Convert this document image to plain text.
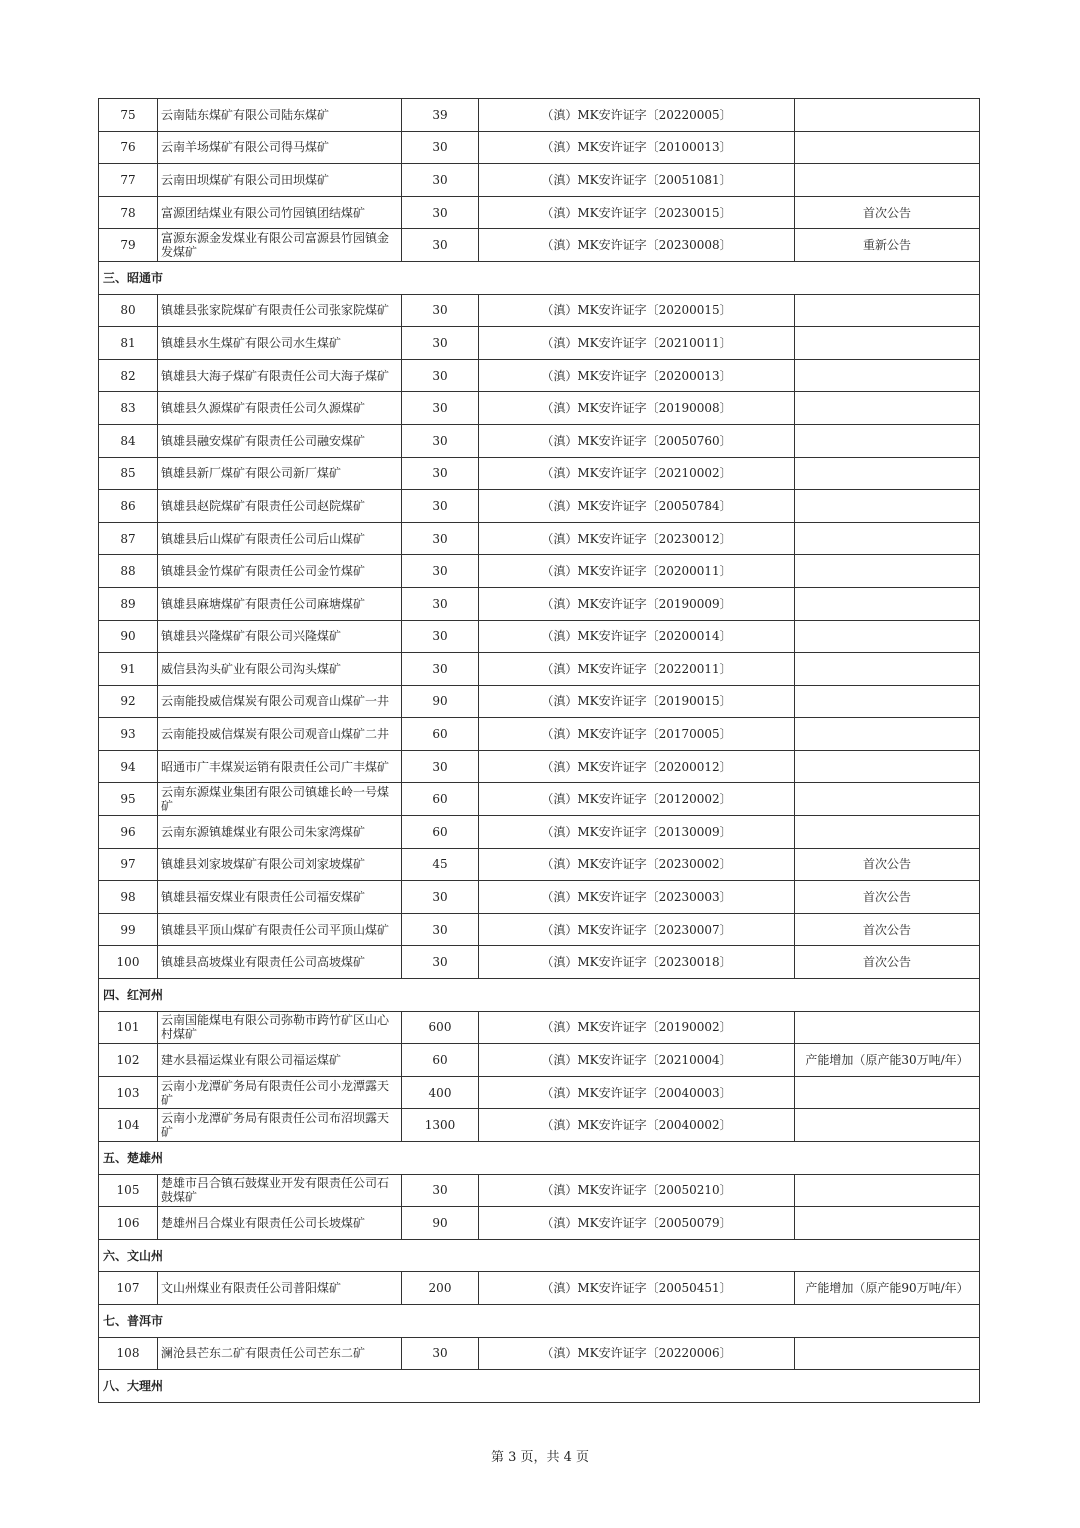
75	云南陆东煤矿有限公司陆东煤矿	39	（滇）MK安许证字〔20220005〕	
76	云南羊场煤矿有限公司得马煤矿	30	（滇）MK安许证字〔20100013〕	
77	云南田坝煤矿有限公司田坝煤矿	30	（滇）MK安许证字〔20051081〕	
78	富源团结煤业有限公司竹园镇团结煤矿	30	（滇）MK安许证字〔20230015〕	首次公告
79	富源东源金发煤业有限公司富源县竹园镇金发煤矿	30	（滇）MK安许证字〔20230008〕	重新公告
三、昭通市				
80	镇雄县张家院煤矿有限责任公司张家院煤矿	30	（滇）MK安许证字〔20200015〕	
81	镇雄县水生煤矿有限公司水生煤矿	30	（滇）MK安许证字〔20210011〕	
82	镇雄县大海子煤矿有限责任公司大海子煤矿	30	（滇）MK安许证字〔20200013〕	
83	镇雄县久源煤矿有限责任公司久源煤矿	30	（滇）MK安许证字〔20190008〕	
84	镇雄县融安煤矿有限责任公司融安煤矿	30	（滇）MK安许证字〔20050760〕	
85	镇雄县新厂煤矿有限公司新厂煤矿	30	（滇）MK安许证字〔20210002〕	
86	镇雄县赵院煤矿有限责任公司赵院煤矿	30	（滇）MK安许证字〔20050784〕	
87	镇雄县后山煤矿有限责任公司后山煤矿	30	（滇）MK安许证字〔20230012〕	
88	镇雄县金竹煤矿有限责任公司金竹煤矿	30	（滇）MK安许证字〔20200011〕	
89	镇雄县麻塘煤矿有限责任公司麻塘煤矿	30	（滇）MK安许证字〔20190009〕	
90	镇雄县兴隆煤矿有限公司兴隆煤矿	30	（滇）MK安许证字〔20200014〕	
91	威信县沟头矿业有限公司沟头煤矿	30	（滇）MK安许证字〔20220011〕	
92	云南能投威信煤炭有限公司观音山煤矿一井	90	（滇）MK安许证字〔20190015〕	
93	云南能投威信煤炭有限公司观音山煤矿二井	60	（滇）MK安许证字〔20170005〕	
94	昭通市广丰煤炭运销有限责任公司广丰煤矿	30	（滇）MK安许证字〔20200012〕	
95	云南东源煤业集团有限公司镇雄长岭一号煤矿	60	（滇）MK安许证字〔20120002〕	
96	云南东源镇雄煤业有限公司朱家湾煤矿	60	（滇）MK安许证字〔20130009〕	
97	镇雄县刘家坡煤矿有限公司刘家坡煤矿	45	（滇）MK安许证字〔20230002〕	首次公告
98	镇雄县福安煤业有限责任公司福安煤矿	30	（滇）MK安许证字〔20230003〕	首次公告
99	镇雄县平顶山煤矿有限责任公司平顶山煤矿	30	（滇）MK安许证字〔20230007〕	首次公告
100	镇雄县高坡煤业有限责任公司高坡煤矿	30	（滇）MK安许证字〔20230018〕	首次公告
四、红河州				
101	云南国能煤电有限公司弥勒市跨竹矿区山心村煤矿	600	（滇）MK安许证字〔20190002〕	
102	建水县福运煤业有限公司福运煤矿	60	（滇）MK安许证字〔20210004〕	产能增加（原产能30万吨/年）
103	云南小龙潭矿务局有限责任公司小龙潭露天矿	400	（滇）MK安许证字〔20040003〕	
104	云南小龙潭矿务局有限责任公司布沼坝露天矿	1300	（滇）MK安许证字〔20040002〕	
五、楚雄州				
105	楚雄市吕合镇石鼓煤业开发有限责任公司石鼓煤矿	30	（滇）MK安许证字〔20050210〕	
106	楚雄州吕合煤业有限责任公司长坡煤矿	90	（滇）MK安许证字〔20050079〕	
六、文山州				
107	文山州煤业有限责任公司普阳煤矿	200	（滇）MK安许证字〔20050451〕	产能增加（原产能90万吨/年）
七、普洱市				
108	澜沧县芒东二矿有限责任公司芒东二矿	30	（滇）MK安许证字〔20220006〕	
八、大理州				
第 3 页，共 4 页
